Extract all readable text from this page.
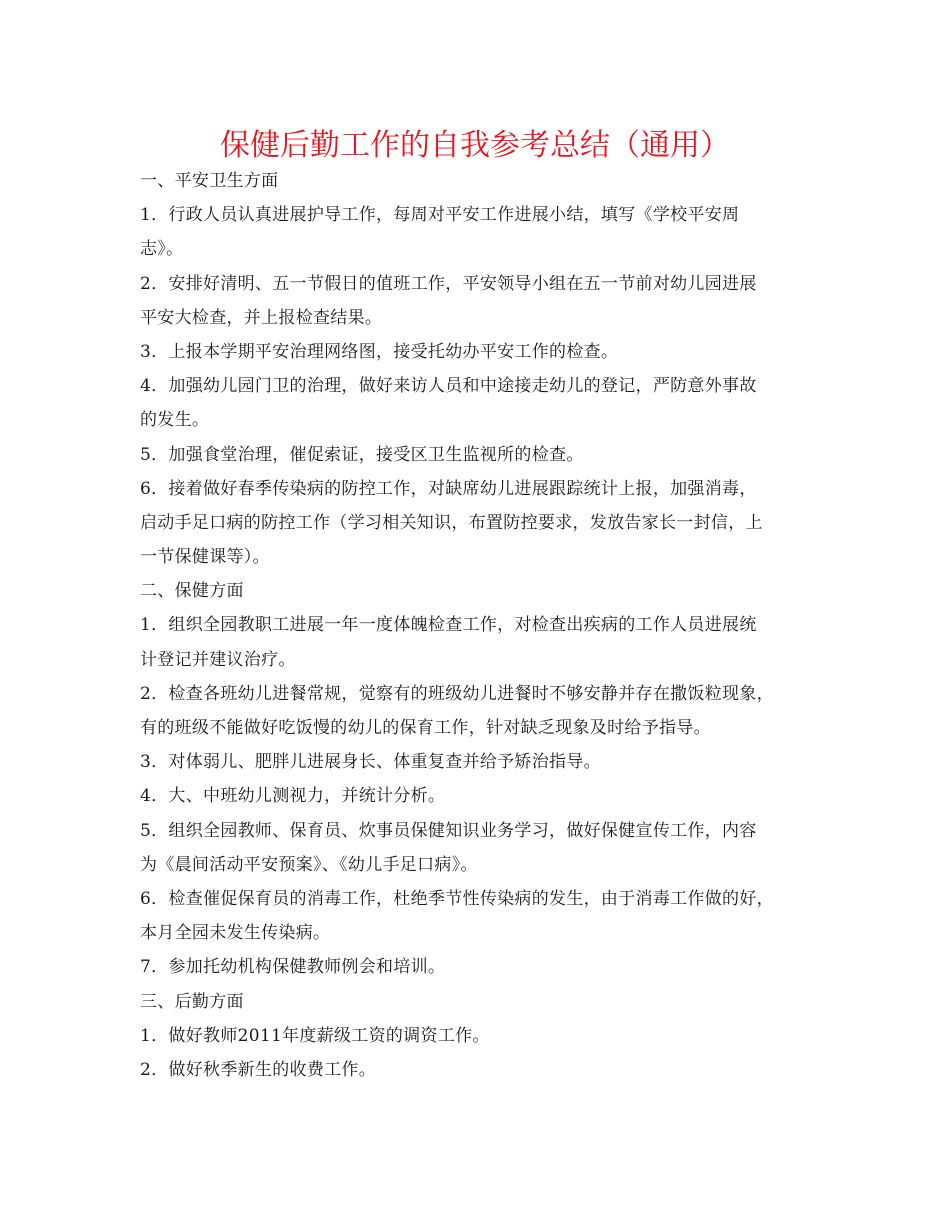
保健后勤工作的自我参考总结（通用）
一、平安卫生方面
1．行政人员认真进展护导工作，每周对平安工作进展小结，填写《学校平安周
志》。
2．安排好清明、五一节假日的值班工作，平安领导小组在五一节前对幼儿园进展
平安大检查，并上报检查结果。
3．上报本学期平安治理网络图，接受托幼办平安工作的检查。
4．加强幼儿园门卫的治理，做好来访人员和中途接走幼儿的登记，严防意外事故
的发生。
5．加强食堂治理，催促索证，接受区卫生监视所的检查。
6．接着做好春季传染病的防控工作，对缺席幼儿进展跟踪统计上报，加强消毒，
启动手足口病的防控工作（学习相关知识，布置防控要求，发放告家长一封信，上
一节保健课等）。
二、保健方面
1．组织全园教职工进展一年一度体魄检查工作，对检查出疾病的工作人员进展统
计登记并建议治疗。
2．检查各班幼儿进餐常规，觉察有的班级幼儿进餐时不够安静并存在撒饭粒现象，
有的班级不能做好吃饭慢的幼儿的保育工作，针对缺乏现象及时给予指导。
3．对体弱儿、肥胖儿进展身长、体重复查并给予矫治指导。
4．大、中班幼儿测视力，并统计分析。
5．组织全园教师、保育员、炊事员保健知识业务学习，做好保健宣传工作，内容
为《晨间活动平安预案》、《幼儿手足口病》。
6．检查催促保育员的消毒工作，杜绝季节性传染病的发生，由于消毒工作做的好，
本月全园未发生传染病。
7．参加托幼机构保健教师例会和培训。
三、后勤方面
1．做好教师2011年度薪级工资的调资工作。
2．做好秋季新生的收费工作。
